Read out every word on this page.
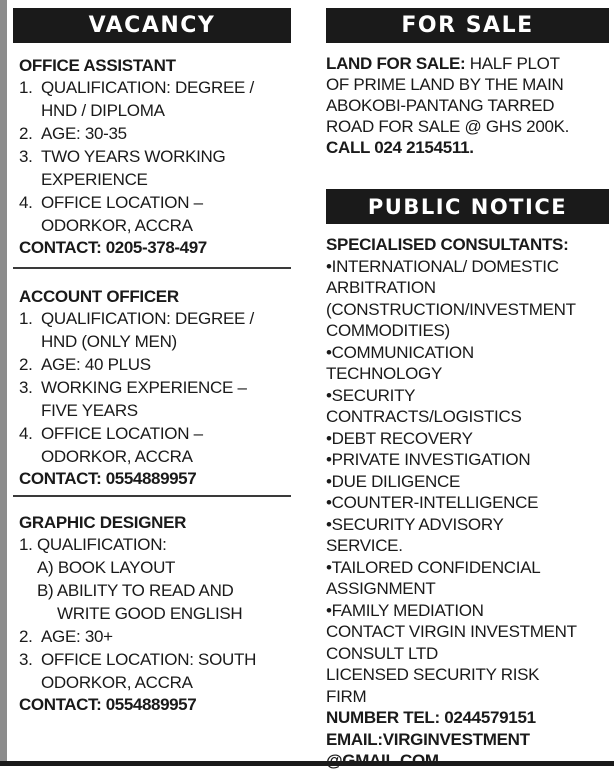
VACANCY
OFFICE ASSISTANT
1. QUALIFICATION: DEGREE /
HND / DIPLOMA
2. AGE: 30-35
3. TWO YEARS WORKING
EXPERIENCE
4. OFFICE LOCATION –
ODORKOR, ACCRA
CONTACT: 0205-378-497
ACCOUNT OFFICER
1. QUALIFICATION: DEGREE /
HND (ONLY MEN)
2. AGE: 40 PLUS
3. WORKING EXPERIENCE –
FIVE YEARS
4. OFFICE LOCATION –
ODORKOR, ACCRA
CONTACT: 0554889957
GRAPHIC DESIGNER
1. QUALIFICATION:
A) BOOK LAYOUT
B) ABILITY TO READ AND
WRITE GOOD ENGLISH
2. AGE: 30+
3. OFFICE LOCATION: SOUTH
ODORKOR, ACCRA
CONTACT: 0554889957
FOR SALE
LAND FOR SALE: HALF PLOT
OF PRIME LAND BY THE MAIN
ABOKOBI-PANTANG TARRED
ROAD FOR SALE @ GHS 200K.
CALL 024 2154511.
PUBLIC NOTICE
SPECIALISED CONSULTANTS:
•INTERNATIONAL/ DOMESTIC
ARBITRATION
(CONSTRUCTION/INVESTMENT
COMMODITIES)
•COMMUNICATION
TECHNOLOGY
•SECURITY
CONTRACTS/LOGISTICS
•DEBT RECOVERY
•PRIVATE INVESTIGATION
•DUE DILIGENCE
•COUNTER-INTELLIGENCE
•SECURITY ADVISORY
SERVICE.
•TAILORED CONFIDENCIAL
ASSIGNMENT
•FAMILY MEDIATION
CONTACT VIRGIN INVESTMENT
CONSULT LTD
LICENSED SECURITY RISK
FIRM
NUMBER TEL: 0244579151
EMAIL:VIRGINVESTMENT
